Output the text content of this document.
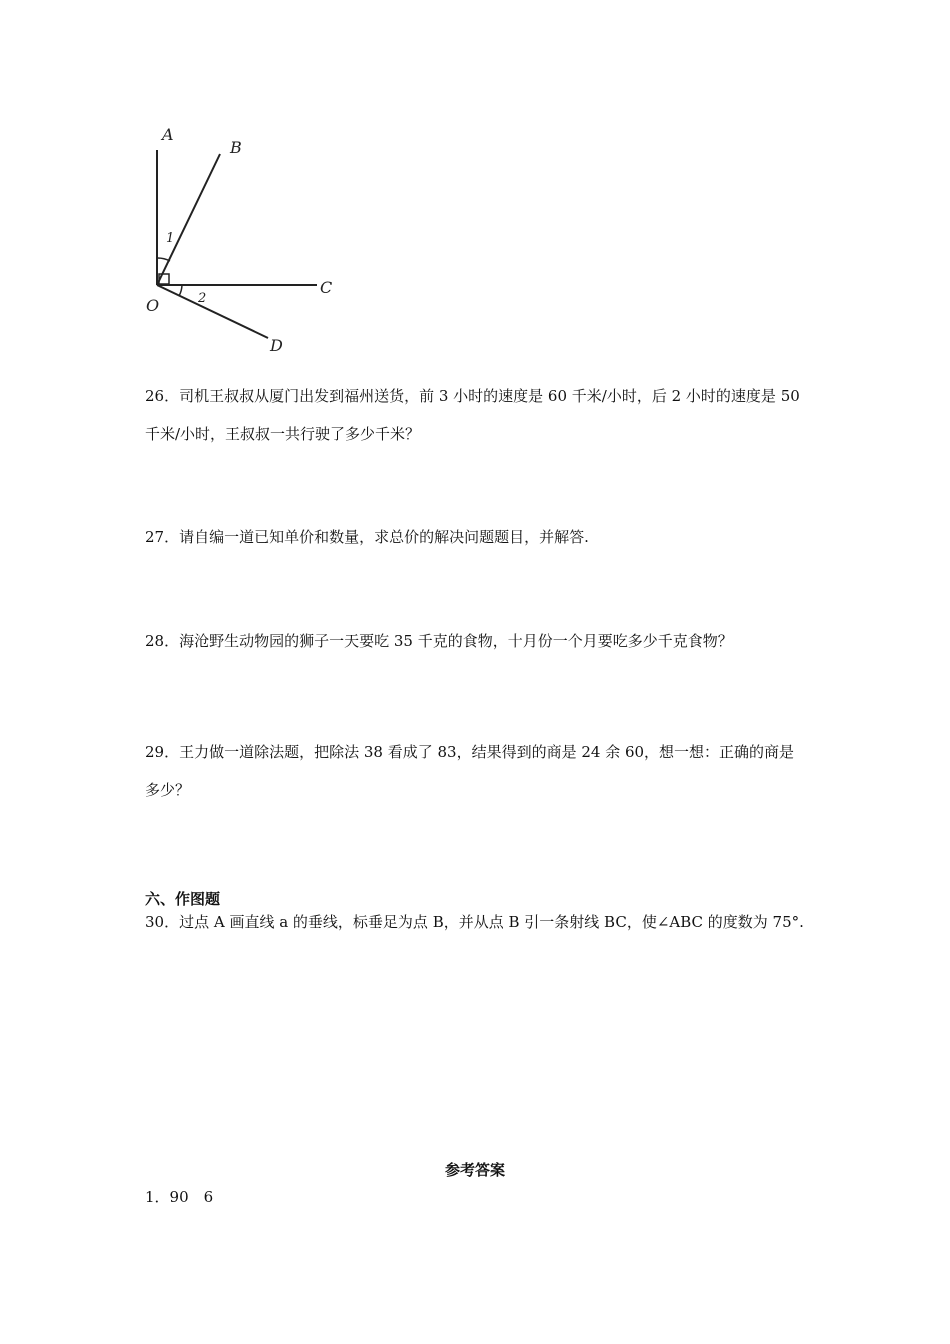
A
B
C
D
O
1
2

26．司机王叔叔从厦门出发到福州送货，前 3 小时的速度是 60 千米/小时，后 2 小时的速度是 50 千米/小时，王叔叔一共行驶了多少千米？

27．请自编一道已知单价和数量，求总价的解决问题题目，并解答.

28．海沧野生动物园的狮子一天要吃 35 千克的食物，十月份一个月要吃多少千克食物？

29．王力做一道除法题，把除法 38 看成了 83，结果得到的商是 24 余 60，想一想：正确的商是多少？

六、作图题

30．过点 A 画直线 a 的垂线，标垂足为点 B，并从点 B 引一条射线 BC，使∠ABC 的度数为 75°.

参考答案
1．90　6
